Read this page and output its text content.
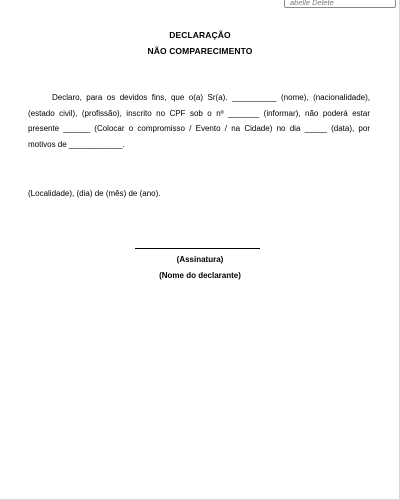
abelle Delete
DECLARAÇÃO
NÃO COMPARECIMENTO
Declaro, para os devidos fins, que o(a) Sr(a). __________ (nome), (nacionalidade), (estado civil), (profissão), inscrito no CPF sob o nº _______ (informar), não poderá estar presente ______ (Colocar o compromisso / Evento / na Cidade) no dia _____ (data), por motivos de ____________.
(Localidade), (dia) de (mês) de (ano).
(Assinatura)
(Nome do declarante)
